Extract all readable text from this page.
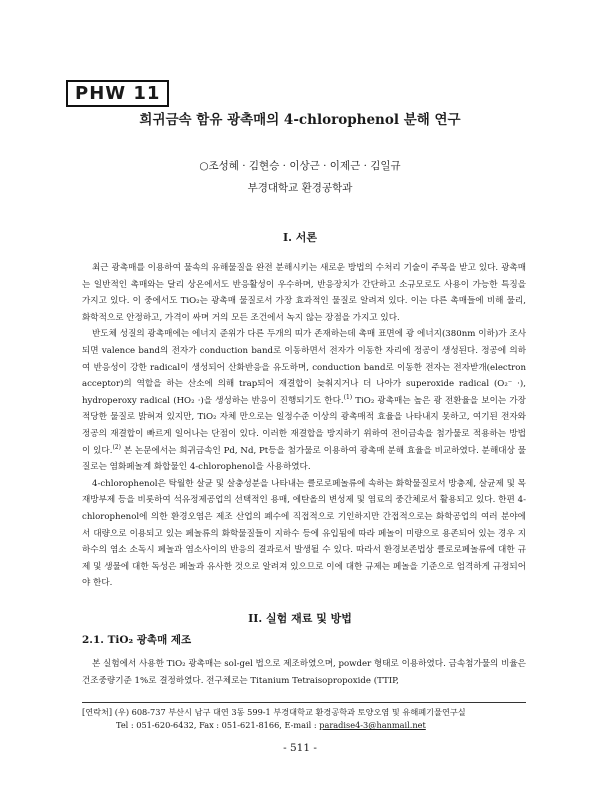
PHW 11
희귀금속 함유 광촉매의 4-chlorophenol 분해 연구
○조성혜 · 김현승 · 이상근 · 이제근 · 김일규
부경대학교 환경공학과
I. 서론

최근 광촉매를 이용하여 물속의 유해물질을 완전 분해시키는 새로운 방법의 수처리 기술이 주목을 받고 있다. 광촉매는 일반적인 촉매와는 달리 상온에서도 반응활성이 우수하며, 반응장치가 간단하고 소규모로도 사용이 가능한 특징을 가지고 있다. 이 중에서도 TiO₂는 광촉매 물질로서 가장 효과적인 물질로 알려져 있다. 이는 다른 촉매들에 비해 물리, 화학적으로 안정하고, 가격이 싸며 거의 모든 조건에서 녹지 않는 장점을 가지고 있다.

반도체 성질의 광촉매에는 에너지 준위가 다른 두개의 띠가 존재하는데 촉매 표면에 광 에너지(380nm 이하)가 조사되면 valence band의 전자가 conduction band로 이동하면서 전자가 이동한 자리에 정공이 생성된다. 정공에 의하여 반응성이 강한 radical이 생성되어 산화반응을 유도하며, conduction band로 이동한 전자는 전자받개(electron acceptor)의 역할을 하는 산소에 의해 trap되어 재결합이 늦춰지거나 더 나아가 superoxide radical (O₂⁻ ·), hydroperoxy radical (HO₂ ·)을 생성하는 반응이 진행되기도 한다.$^{(1)}$ TiO₂ 광촉매는 높은 광 전환율을 보이는 가장 적당한 물질로 밝혀져 있지만, TiO₂ 자체 만으로는 일정수준 이상의 광촉매적 효율을 나타내지 못하고, 여기된 전자와 정공의 재결합이 빠르게 일어나는 단점이 있다. 이러한 재결합을 방지하기 위하여 전이금속을 첨가물로 적용하는 방법이 있다.$^{(2)}$ 본 논문에서는 희귀금속인 Pd, Nd, Pt등을 첨가물로 이용하여 광촉매 분해 효율을 비교하였다. 분해대상 물질로는 염화페놀계 화합물인 4-chlorophenol을 사용하였다.

4-chlorophenol은 탁월한 살균 및 살충성분을 나타내는 클로로페놀류에 속하는 화학물질로서 방충제, 살균제 및 목재방부제 등을 비롯하여 석유정제공업의 선택적인 용매, 에탄올의 변성제 및 염료의 중간체로서 활용되고 있다. 한편 4-chlorophenol에 의한 환경오염은 제조 산업의 폐수에 직접적으로 기인하지만 간접적으로는 화학공업의 여러 분야에서 대량으로 이용되고 있는 페놀류의 화학물질들이 지하수 등에 유입됨에 따라 페놀이 미량으로 용존되어 있는 경우 지하수의 염소 소독시 페놀과 염소사이의 반응의 결과로서 발생될 수 있다. 따라서 환경보존법상 클로로페놀류에 대한 규제 및 생물에 대한 독성은 페놀과 유사한 것으로 알려져 있으므로 이에 대한 규제는 페놀을 기준으로 엄격하게 규정되어야 한다.

II. 실험 재료 및 방법
2.1. TiO₂ 광촉매 제조

본 실험에서 사용한 TiO₂ 광촉매는 sol-gel 법으로 제조하였으며, powder 형태로 이용하였다. 금속첨가물의 비율은 건조중량기준 1%로 결정하였다. 전구체로는 Titanium Tetraisopropoxide (TTIP,

[연락처] (우) 608-737 부산시 남구 대연 3동 599-1 부경대학교 환경공학과 토양오염 및 유해폐기물연구실
Tel : 051-620-6432, Fax : 051-621-8166, E-mail : paradise4-3@hanmail.net
- 511 -
